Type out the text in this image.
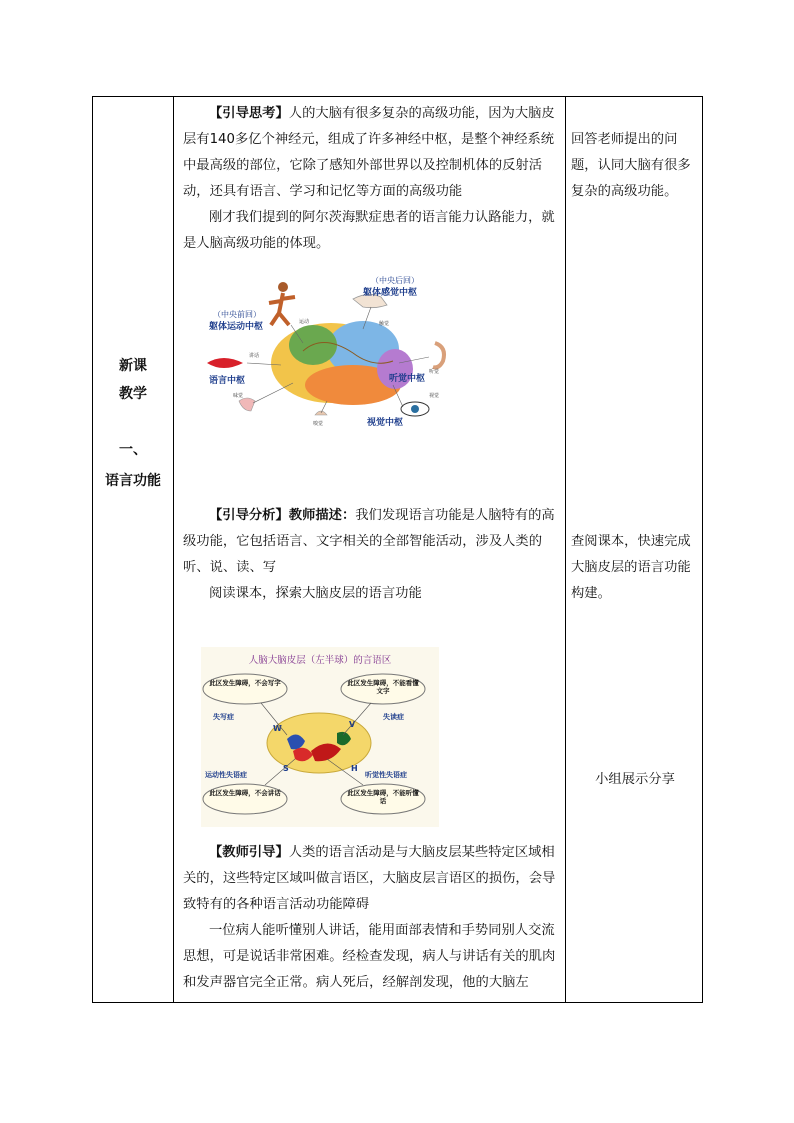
新课
教学
一、
语言功能

【引导思考】人的大脑有很多复杂的高级功能，因为大脑皮层有140多亿个神经元，组成了许多神经中枢，是整个神经系统中最高级的部位，它除了感知外部世界以及控制机体的反射活动，还具有语言、学习和记忆等方面的高级功能

刚才我们提到的阿尔茨海默症患者的语言能力认路能力，就是人脑高级功能的体现。

（中央前回）
躯体运动中枢
（中央后回）
躯体感觉中枢
语言中枢	听觉中枢
视觉中枢
运动	触觉
讲话
听觉
味觉
嗅觉
视觉

【引导分析】教师描述：我们发现语言功能是人脑特有的高级功能，它包括语言、文字相关的全部智能活动，涉及人类的听、说、读、写

阅读课本，探索大脑皮层的语言功能

人脑大脑皮层（左半球）的言语区
此区发生障碍，不会写字	此区发生障碍，不能看懂文字
此区发生障碍，不会讲话	此区发生障碍，不能听懂话
W	V
S	H
失写症	失读症
运动性失语症	听觉性失语症

【教师引导】人类的语言活动是与大脑皮层某些特定区域相关的，这些特定区域叫做言语区，大脑皮层言语区的损伤，会导致特有的各种语言活动功能障碍

一位病人能听懂别人讲话，能用面部表情和手势同别人交流思想，可是说话非常困难。经检查发现，病人与讲话有关的肌肉和发声器官完全正常。病人死后，经解剖发现，他的大脑左

回答老师提出的问题，认同大脑有很多复杂的高级功能。

查阅课本，快速完成大脑皮层的语言功能构建。

小组展示分享
